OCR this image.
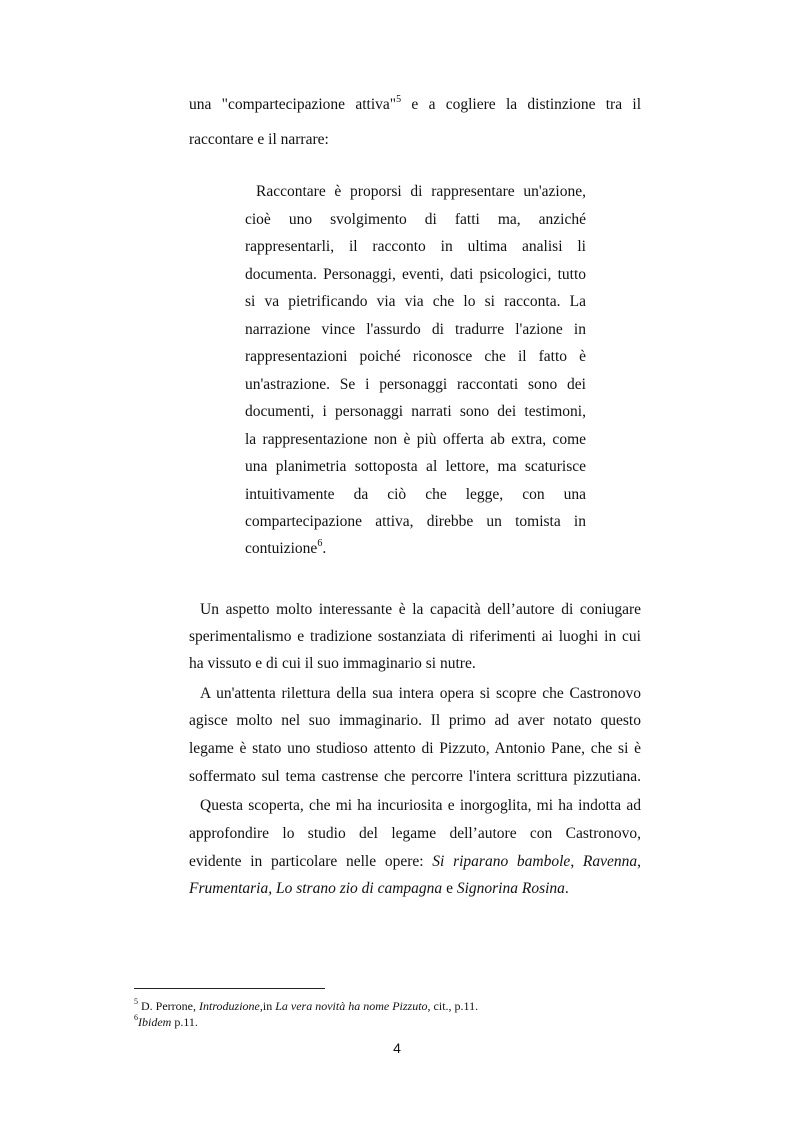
una "compartecipazione attiva"$^5$ e a cogliere la distinzione tra il
raccontare e il narrare:
Raccontare è proporsi di rappresentare un'azione,
cioè uno svolgimento di fatti ma, anziché
rappresentarli, il racconto in ultima analisi li
documenta. Personaggi, eventi, dati psicologici, tutto
si va pietrificando via via che lo si racconta. La
narrazione vince l'assurdo di tradurre l'azione in
rappresentazioni poiché riconosce che il fatto è
un'astrazione. Se i personaggi raccontati sono dei
documenti, i personaggi narrati sono dei testimoni,
la rappresentazione non è più offerta ab extra, come
una planimetria sottoposta al lettore, ma scaturisce
intuitivamente da ciò che legge, con una
compartecipazione attiva, direbbe un tomista in
contuizione$^6$.
Un aspetto molto interessante è la capacità dell’autore di coniugare
sperimentalismo e tradizione sostanziata di riferimenti ai luoghi in cui
ha vissuto e di cui il suo immaginario si nutre.
A un'attenta rilettura della sua intera opera si scopre che Castronovo
agisce molto nel suo immaginario. Il primo ad aver notato questo
legame è stato uno studioso attento di Pizzuto, Antonio Pane, che si è
soffermato sul tema castrense che percorre l'intera scrittura pizzutiana.
Questa scoperta, che mi ha incuriosita e inorgoglita, mi ha indotta ad
approfondire lo studio del legame dell’autore con Castronovo,
evidente in particolare nelle opere: Si riparano bambole, Ravenna,
Frumentaria, Lo strano zio di campagna e Signorina Rosina.
$^5$ D. Perrone, Introduzione,in La vera novità ha nome Pizzuto, cit., p.11.
$^6$Ibidem p.11.
4
